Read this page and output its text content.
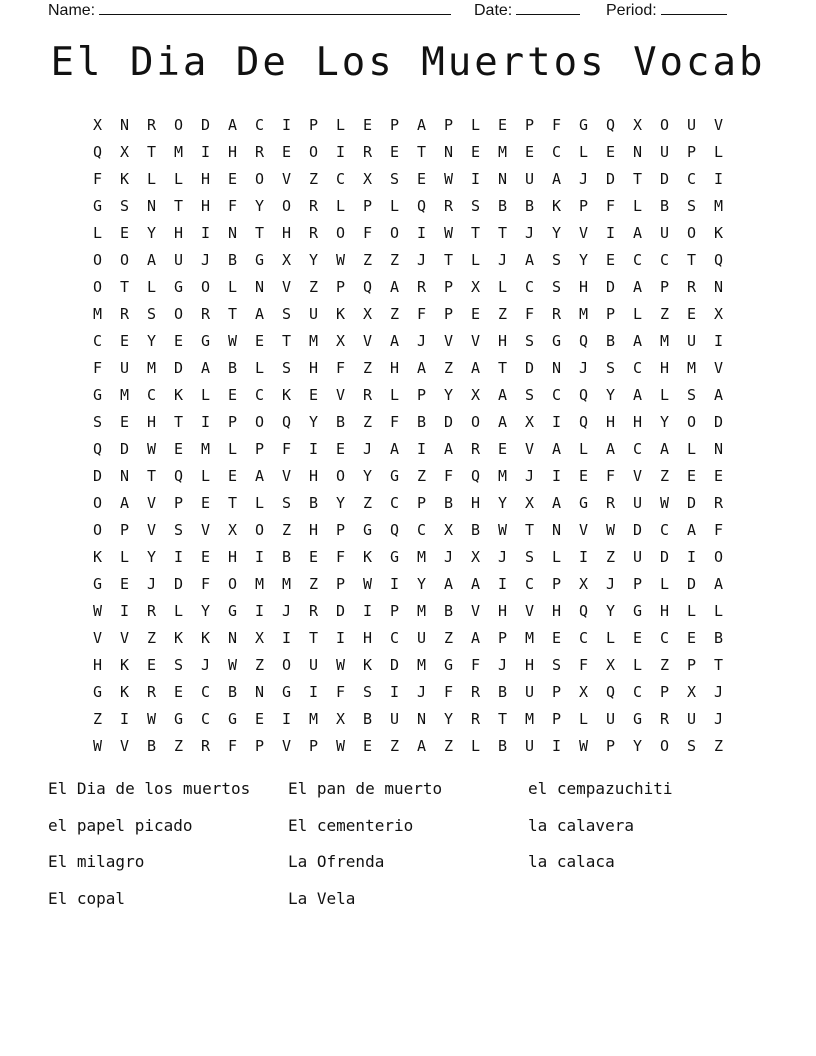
Name:	Date:	Period:
El Dia De Los Muertos Vocab
X N R O D A C I P L E P A P L E P F G Q X O U V
Q X T M I H R E O I R E T N E M E C L E N U P L
F K L L H E O V Z C X S E W I N U A J D T D C I
G S N T H F Y O R L P L Q R S B B K P F L B S M
L E Y H I N T H R O F O I W T T J Y V I A U O K
O O A U J B G X Y W Z Z J T L J A S Y E C C T Q
O T L G O L N V Z P Q A R P X L C S H D A P R N
M R S O R T A S U K X Z F P E Z F R M P L Z E X
C E Y E G W E T M X V A J V V H S G Q B A M U I
F U M D A B L S H F Z H A Z A T D N J S C H M V
G M C K L E C K E V R L P Y X A S C Q Y A L S A
S E H T I P O Q Y B Z F B D O A X I Q H H Y O D
Q D W E M L P F I E J A I A R E V A L A C A L N
D N T Q L E A V H O Y G Z F Q M J I E F V Z E E
O A V P E T L S B Y Z C P B H Y X A G R U W D R
O P V S V X O Z H P G Q C X B W T N V W D C A F
K L Y I E H I B E F K G M J X J S L I Z U D I O
G E J D F O M M Z P W I Y A A I C P X J P L D A
W I R L Y G I J R D I P M B V H V H Q Y G H L L
V V Z K K N X I T I H C U Z A P M E C L E C E B
H K E S J W Z O U W K D M G F J H S F X L Z P T
G K R E C B N G I F S I J F R B U P X Q C P X J
Z I W G C G E I M X B U N Y R T M P L U G R U J
W V B Z R F P V P W E Z A Z L B U I W P Y O S Z
El Dia de los muertos
el papel picado
El milagro
El copal
El pan de muerto
El cementerio
La Ofrenda
La Vela
el cempazuchiti
la calavera
la calaca
